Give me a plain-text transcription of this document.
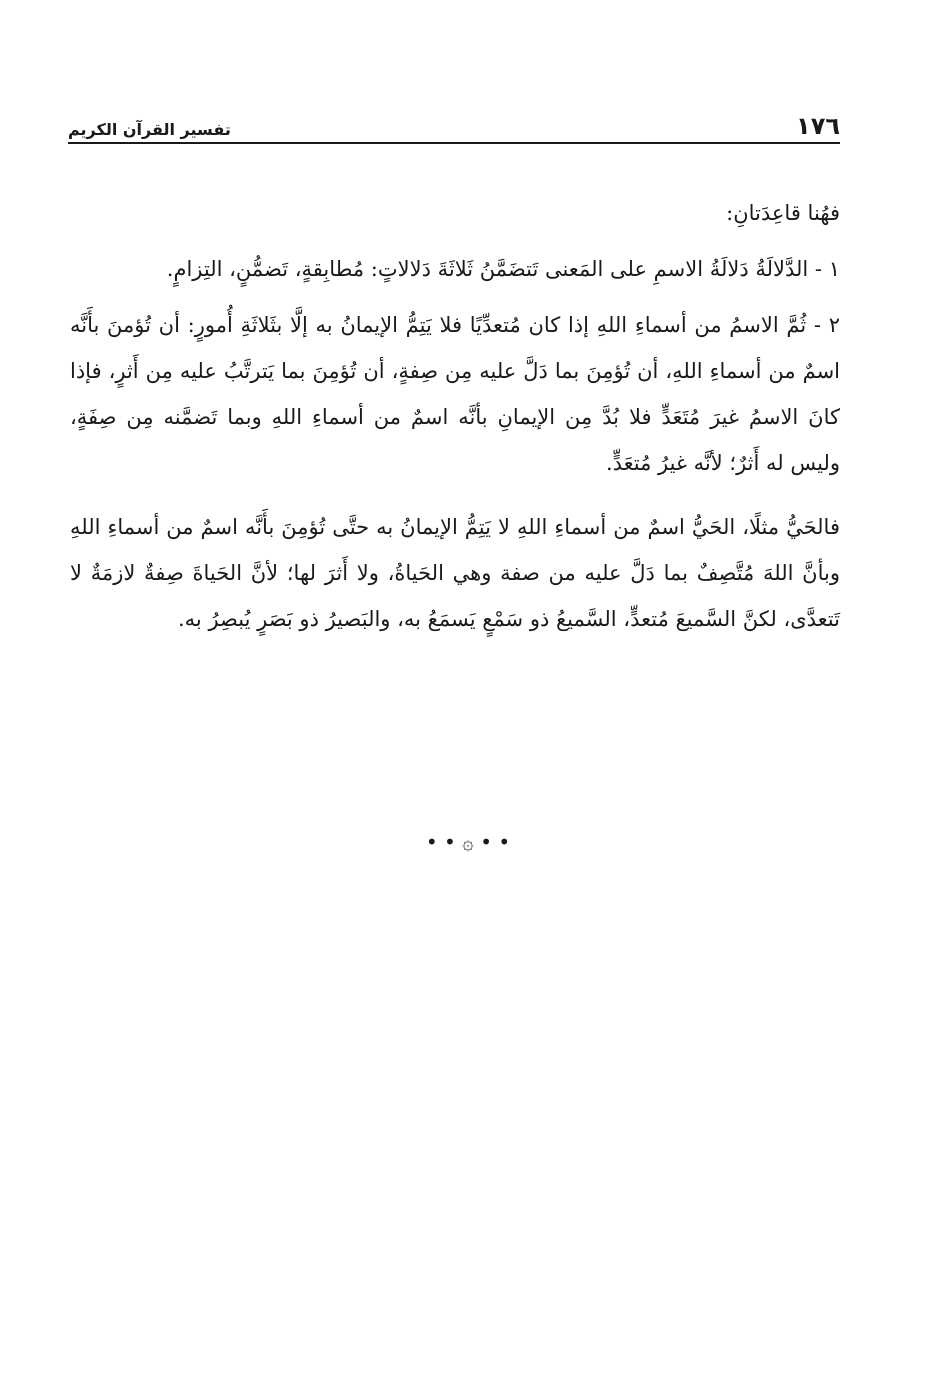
١٧٦
تفسير القرآن الكريم

فهُنا قاعِدَتانِ:

١ - الدَّلالَةُ دَلالَةُ الاسمِ على المَعنى تَتضَمَّنُ ثَلاثَةَ دَلالاتٍ: مُطابِقةٍ، تَضمُّنٍ، التِزامٍ.

٢ - ثُمَّ الاسمُ من أسماءِ اللهِ إذا كان مُتعدِّيًا فلا يَتِمُّ الإيمانُ به إلَّا بثَلاثَةِ أُمورٍ: أن تُؤمنَ بأَنَّه اسمٌ من أسماءِ اللهِ، أن تُؤمِنَ بما دَلَّ عليه مِن صِفةٍ، أن تُؤمِنَ بما يَترتَّبُ عليه مِن أَثرٍ، فإذا كانَ الاسمُ غيرَ مُتَعَدٍّ فلا بُدَّ مِن الإيمانِ بأنَّه اسمٌ من أسماءِ اللهِ وبما تَضمَّنه مِن صِفَةٍ، وليس له أَثرٌ؛ لأنَّه غيرُ مُتعَدٍّ.

فالحَيُّ مثلًا، الحَيُّ اسمٌ من أسماءِ اللهِ لا يَتِمُّ الإيمانُ به حتَّى تُؤمِنَ بأَنَّه اسمٌ من أسماءِ اللهِ وبأنَّ اللهَ مُتَّصِفٌ بما دَلَّ عليه من صفة وهي الحَياةُ، ولا أَثرَ لها؛ لأنَّ الحَياةَ صِفةٌ لازمَةٌ لا تَتعدَّى، لكنَّ السَّميعَ مُتعدٍّ، السَّميعُ ذو سَمْعٍ يَسمَعُ به، والبَصيرُ ذو بَصَرٍ يُبصِرُ به.

• • ۞ • •
